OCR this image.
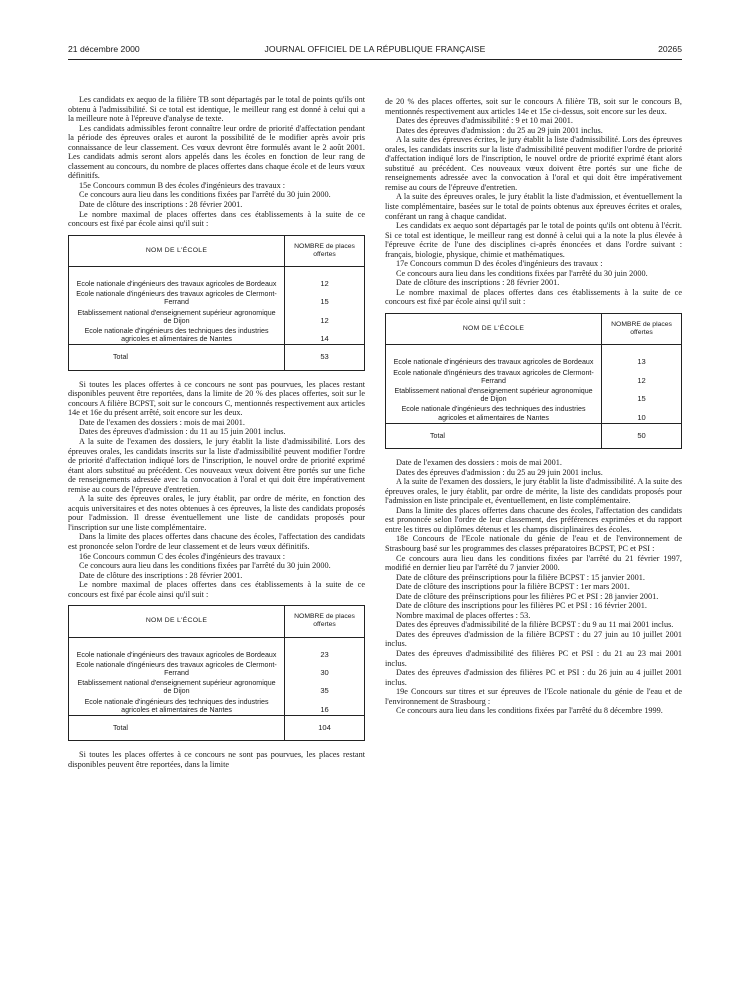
21 décembre 2000	JOURNAL OFFICIEL DE LA RÉPUBLIQUE FRANÇAISE	20265

Les candidats ex aequo de la filière TB sont départagés par le total de points qu'ils ont obtenu à l'admissibilité. Si ce total est identique, le meilleur rang est donné à celui qui a la meilleure note à l'épreuve d'analyse de texte.

Les candidats admissibles feront connaître leur ordre de priorité d'affectation pendant la période des épreuves orales et auront la possibilité de le modifier après avoir pris connaissance de leur classement. Ces vœux devront être formulés avant le 2 août 2001. Les candidats admis seront alors appelés dans les écoles en fonction de leur rang de classement au concours, du nombre de places offertes dans chaque école et de leurs vœux définitifs.

15e Concours commun B des écoles d'ingénieurs des travaux :

Ce concours aura lieu dans les conditions fixées par l'arrêté du 30 juin 2000.

Date de clôture des inscriptions : 28 février 2001.

Le nombre maximal de places offertes dans ces établissements à la suite de ce concours est fixé par école ainsi qu'il suit :

NOM DE L'ÉCOLE	NOMBRE de places offertes

Ecole nationale d'ingénieurs des travaux agricoles de Bordeaux	12
Ecole nationale d'ingénieurs des travaux agricoles de Clermont-Ferrand	15
Etablissement national d'enseignement supérieur agronomique de Dijon	12
Ecole nationale d'ingénieurs des techniques des industries agricoles et alimentaires de Nantes	14
Total	53

Si toutes les places offertes à ce concours ne sont pas pourvues, les places restant disponibles peuvent être reportées, dans la limite de 20 % des places offertes, soit sur le concours A filière BCPST, soit sur le concours C, mentionnés respectivement aux articles 14e et 16e du présent arrêté, soit encore sur les deux.

Date de l'examen des dossiers : mois de mai 2001.

Dates des épreuves d'admission : du 11 au 15 juin 2001 inclus.

A la suite de l'examen des dossiers, le jury établit la liste d'admissibilité. Lors des épreuves orales, les candidats inscrits sur la liste d'admissibilité peuvent modifier l'ordre de priorité d'affectation indiqué lors de l'inscription, le nouvel ordre de priorité exprimé étant alors substitué au précédent. Ces nouveaux vœux doivent être portés sur une fiche de renseignements adressée avec la convocation à l'oral et qui doit être impérativement remise au cours de l'épreuve d'entretien.

A la suite des épreuves orales, le jury établit, par ordre de mérite, en fonction des acquis universitaires et des notes obtenues à ces épreuves, la liste des candidats proposés pour l'admission. Il dresse éventuellement une liste de candidats proposés pour l'inscription sur une liste complémentaire.

Dans la limite des places offertes dans chacune des écoles, l'affectation des candidats est prononcée selon l'ordre de leur classement et de leurs vœux définitifs.

16e Concours commun C des écoles d'ingénieurs des travaux :

Ce concours aura lieu dans les conditions fixées par l'arrêté du 30 juin 2000.

Date de clôture des inscriptions : 28 février 2001.

Le nombre maximal de places offertes dans ces établissements à la suite de ce concours est fixé par école ainsi qu'il suit :

NOM DE L'ÉCOLE	NOMBRE de places offertes

Ecole nationale d'ingénieurs des travaux agricoles de Bordeaux	23
Ecole nationale d'ingénieurs des travaux agricoles de Clermont-Ferrand	30
Etablissement national d'enseignement supérieur agronomique de Dijon	35
Ecole nationale d'ingénieurs des techniques des industries agricoles et alimentaires de Nantes	16
Total	104

Si toutes les places offertes à ce concours ne sont pas pourvues, les places restant disponibles peuvent être reportées, dans la limite

de 20 % des places offertes, soit sur le concours A filière TB, soit sur le concours B, mentionnés respectivement aux articles 14e et 15e ci-dessus, soit encore sur les deux.

Dates des épreuves d'admissibilité : 9 et 10 mai 2001.

Dates des épreuves d'admission : du 25 au 29 juin 2001 inclus.

A la suite des épreuves écrites, le jury établit la liste d'admissibilité. Lors des épreuves orales, les candidats inscrits sur la liste d'admissibilité peuvent modifier l'ordre de priorité d'affectation indiqué lors de l'inscription, le nouvel ordre de priorité exprimé étant alors substitué au précédent. Ces nouveaux vœux doivent être portés sur une fiche de renseignements adressée avec la convocation à l'oral et qui doit être impérativement remise au cours de l'épreuve d'entretien.

A la suite des épreuves orales, le jury établit la liste d'admission, et éventuellement la liste complémentaire, basées sur le total de points obtenus aux épreuves écrites et orales, conférant un rang à chaque candidat.

Les candidats ex aequo sont départagés par le total de points qu'ils ont obtenu à l'écrit. Si ce total est identique, le meilleur rang est donné à celui qui a la note la plus élevée à l'épreuve écrite de l'une des disciplines ci-après énoncées et dans l'ordre suivant : français, biologie, physique, chimie et mathématiques.

17e Concours commun D des écoles d'ingénieurs des travaux :

Ce concours aura lieu dans les conditions fixées par l'arrêté du 30 juin 2000.

Date de clôture des inscriptions : 28 février 2001.

Le nombre maximal de places offertes dans ces établissements à la suite de ce concours est fixé par école ainsi qu'il suit :

NOM DE L'ÉCOLE	NOMBRE de places offertes

Ecole nationale d'ingénieurs des travaux agricoles de Bordeaux	13
Ecole nationale d'ingénieurs des travaux agricoles de Clermont-Ferrand	12
Etablissement national d'enseignement supérieur agronomique de Dijon	15
Ecole nationale d'ingénieurs des techniques des industries agricoles et alimentaires de Nantes	10
Total	50

Date de l'examen des dossiers : mois de mai 2001.

Dates des épreuves d'admission : du 25 au 29 juin 2001 inclus.

A la suite de l'examen des dossiers, le jury établit la liste d'admissibilité. A la suite des épreuves orales, le jury établit, par ordre de mérite, la liste des candidats proposés pour l'admission en liste principale et, éventuellement, en liste complémentaire.

Dans la limite des places offertes dans chacune des écoles, l'affectation des candidats est prononcée selon l'ordre de leur classement, des préférences exprimées et du rapport entre les titres ou diplômes détenus et les champs disciplinaires des écoles.

18e Concours de l'Ecole nationale du génie de l'eau et de l'environnement de Strasbourg basé sur les programmes des classes préparatoires BCPST, PC et PSI :

Ce concours aura lieu dans les conditions fixées par l'arrêté du 21 février 1997, modifié en dernier lieu par l'arrêté du 7 janvier 2000.

Date de clôture des préinscriptions pour la filière BCPST : 15 janvier 2001.

Date de clôture des inscriptions pour la filière BCPST : 1er mars 2001.

Date de clôture des préinscriptions pour les filières PC et PSI : 28 janvier 2001.

Date de clôture des inscriptions pour les filières PC et PSI : 16 février 2001.

Nombre maximal de places offertes : 53.

Dates des épreuves d'admissibilité de la filière BCPST : du 9 au 11 mai 2001 inclus.

Dates des épreuves d'admission de la filière BCPST : du 27 juin au 10 juillet 2001 inclus.

Dates des épreuves d'admissibilité des filières PC et PSI : du 21 au 23 mai 2001 inclus.

Dates des épreuves d'admission des filières PC et PSI : du 26 juin au 4 juillet 2001 inclus.

19e Concours sur titres et sur épreuves de l'Ecole nationale du génie de l'eau et de l'environnement de Strasbourg :

Ce concours aura lieu dans les conditions fixées par l'arrêté du 8 décembre 1999.
